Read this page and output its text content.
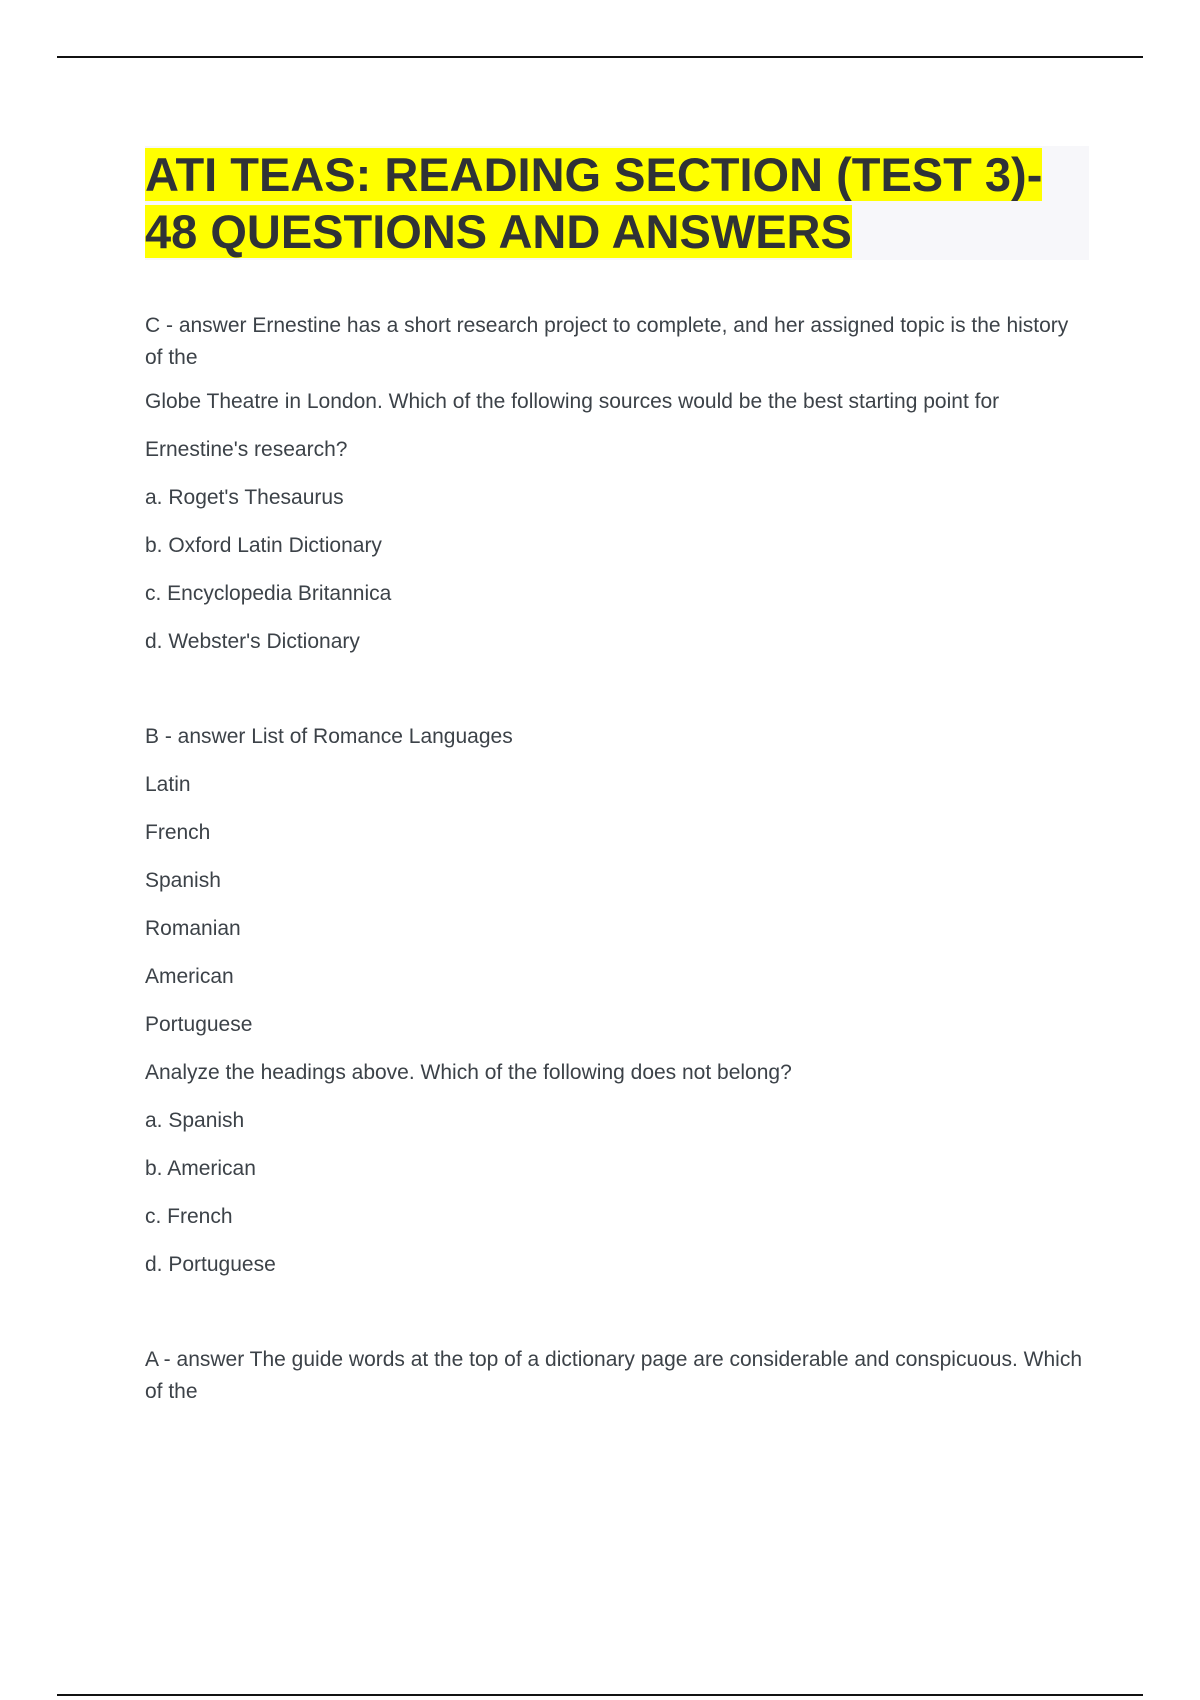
ATI TEAS: READING SECTION (TEST 3)-
48 QUESTIONS AND ANSWERS

C - answer Ernestine has a short research project to complete, and her assigned topic is the history of the

Globe Theatre in London. Which of the following sources would be the best starting point for

Ernestine's research?

a. Roget's Thesaurus

b. Oxford Latin Dictionary

c. Encyclopedia Britannica

d. Webster's Dictionary

B - answer List of Romance Languages

Latin

French

Spanish

Romanian

American

Portuguese

Analyze the headings above. Which of the following does not belong?

a. Spanish

b. American

c. French

d. Portuguese

A - answer The guide words at the top of a dictionary page are considerable and conspicuous. Which of the
